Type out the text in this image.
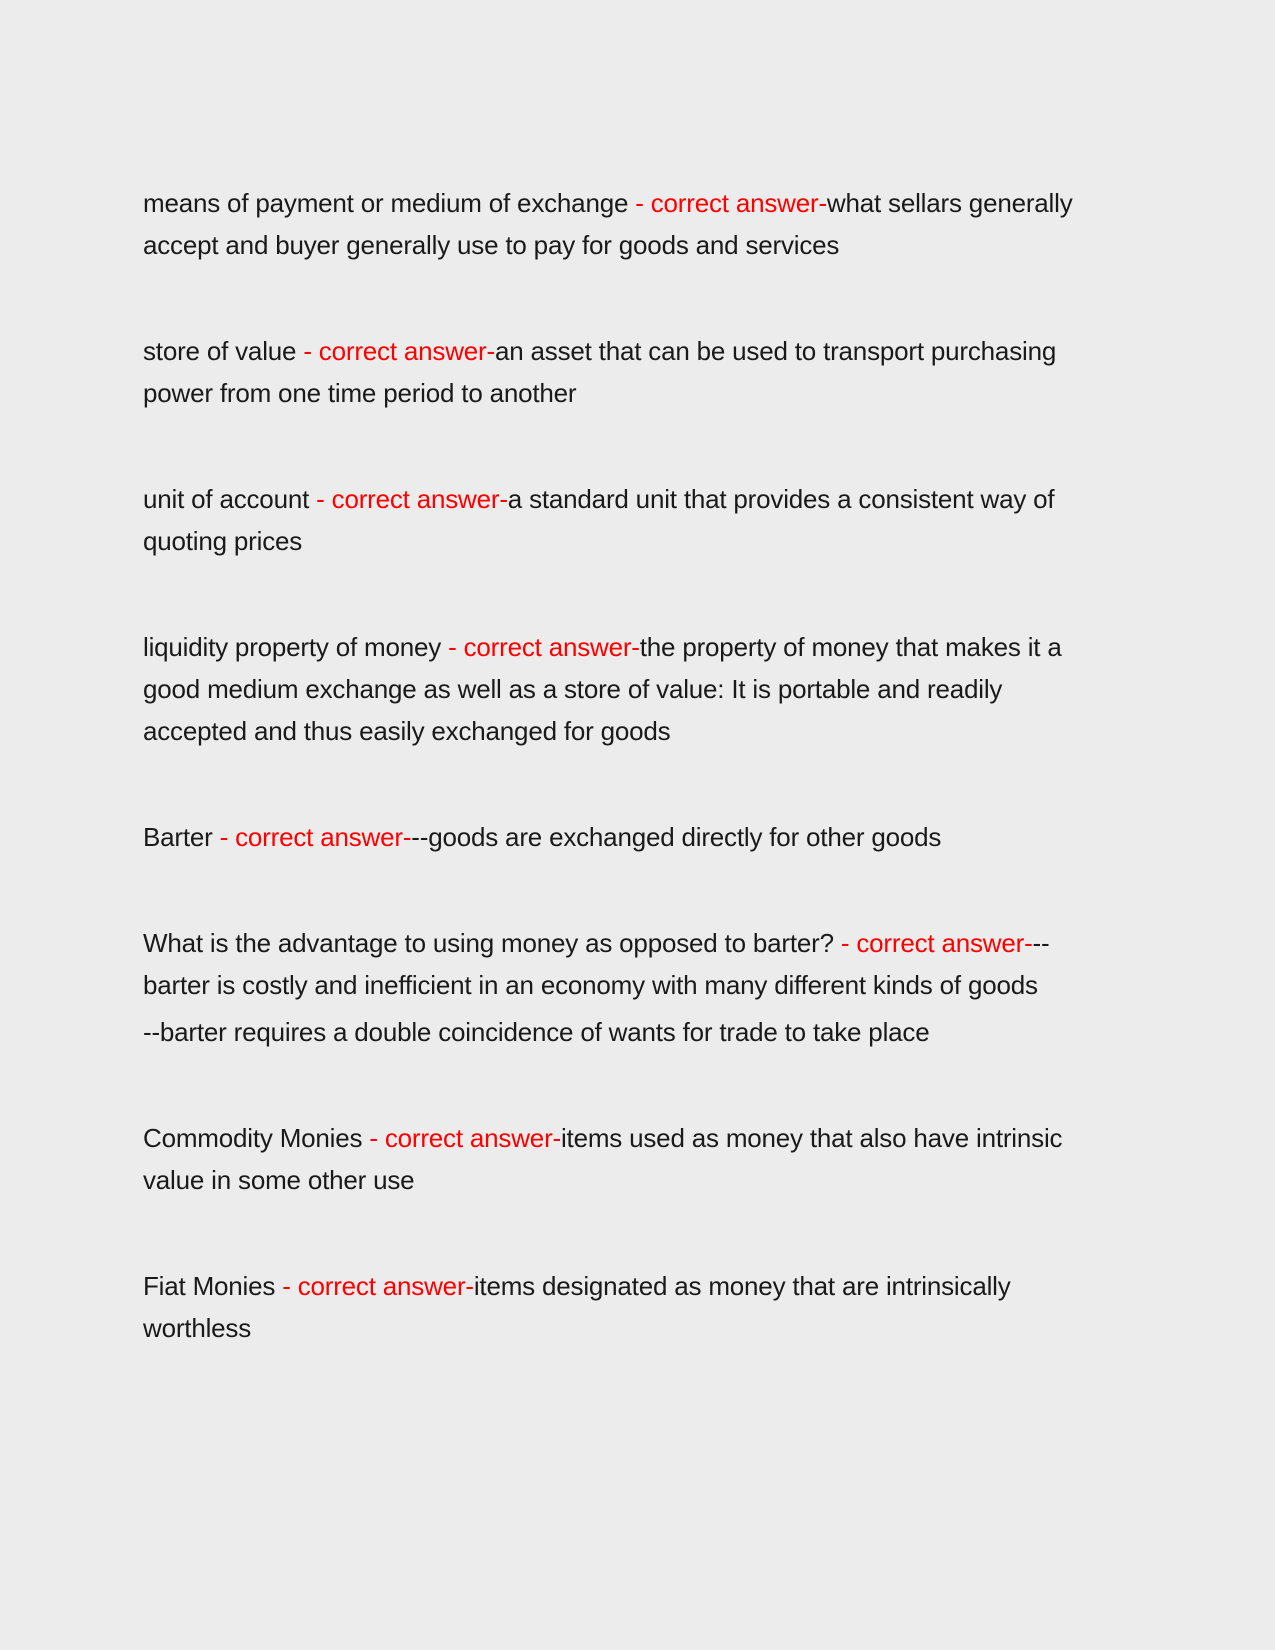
means of payment or medium of exchange - correct answer-what sellars generally accept and buyer generally use to pay for goods and services

store of value - correct answer-an asset that can be used to transport purchasing power from one time period to another

unit of account - correct answer-a standard unit that provides a consistent way of quoting prices

liquidity property of money - correct answer-the property of money that makes it a good medium exchange as well as a store of value: It is portable and readily accepted and thus easily exchanged for goods

Barter - correct answer---goods are exchanged directly for other goods

What is the advantage to using money as opposed to barter? - correct answer---barter is costly and inefficient in an economy with many different kinds of goods

--barter requires a double coincidence of wants for trade to take place

Commodity Monies - correct answer-items used as money that also have intrinsic value in some other use

Fiat Monies - correct answer-items designated as money that are intrinsically worthless
